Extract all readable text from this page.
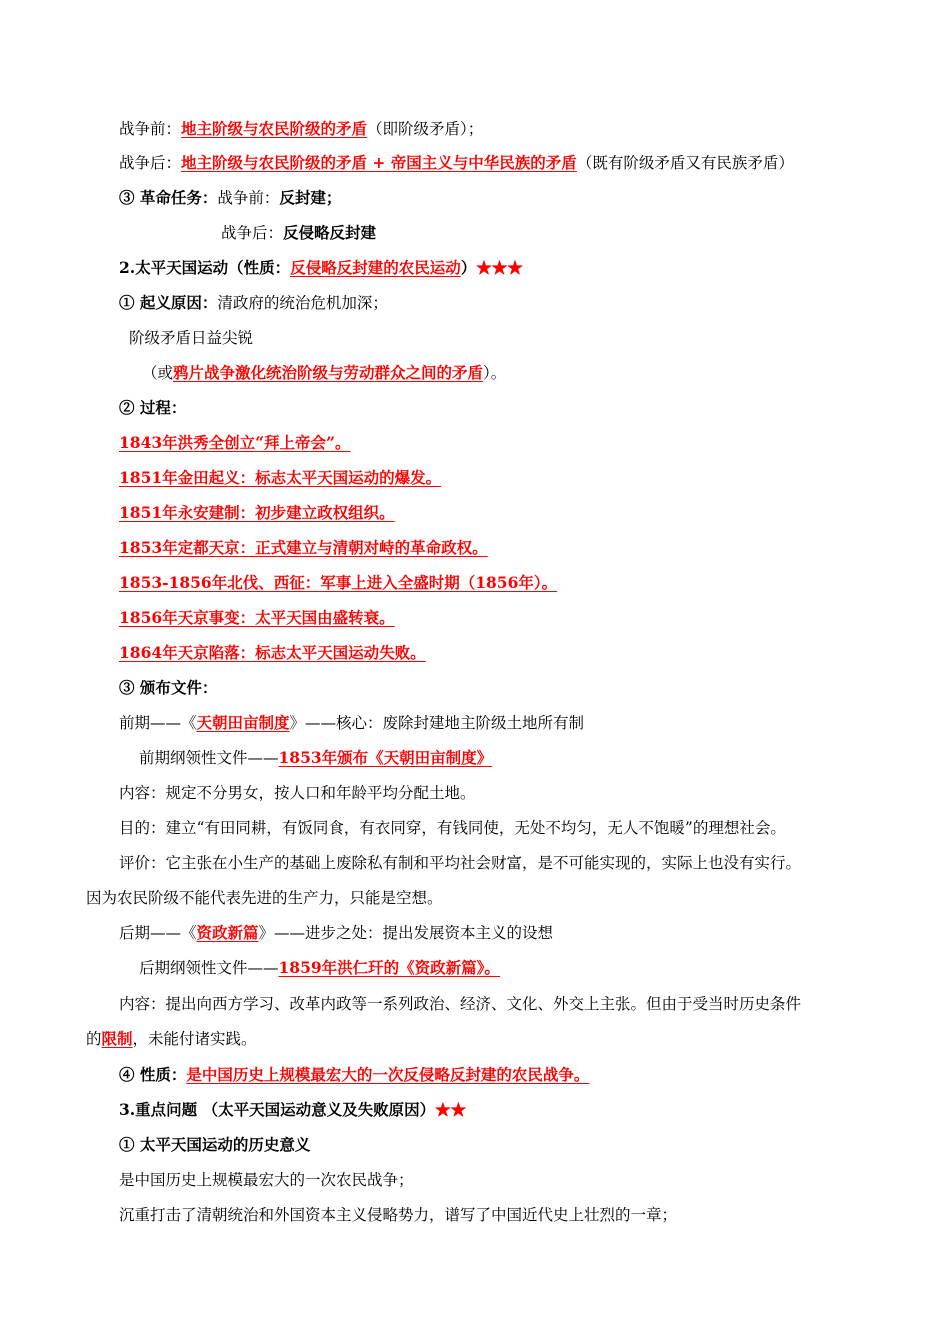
战争前：地主阶级与农民阶级的矛盾（即阶级矛盾）；
战争后：地主阶级与农民阶级的矛盾 + 帝国主义与中华民族的矛盾（既有阶级矛盾又有民族矛盾）
③ 革命任务：战争前：反封建；
战争后：反侵略反封建
2.太平天国运动（性质：反侵略反封建的农民运动）★★★
① 起义原因：清政府的统治危机加深；
阶级矛盾日益尖锐
（或鸦片战争激化统治阶级与劳动群众之间的矛盾）。
② 过程：
1843年洪秀全创立“拜上帝会”。
1851年金田起义：标志太平天国运动的爆发。
1851年永安建制：初步建立政权组织。
1853年定都天京：正式建立与清朝对峙的革命政权。
1853-1856年北伐、西征：军事上进入全盛时期（1856年）。
1856年天京事变：太平天国由盛转衰。
1864年天京陷落：标志太平天国运动失败。
③ 颁布文件：
前期——《天朝田亩制度》——核心：废除封建地主阶级土地所有制
前期纲领性文件——1853年颁布《天朝田亩制度》
内容：规定不分男女，按人口和年龄平均分配土地。
目的：建立“有田同耕，有饭同食，有衣同穿，有钱同使，无处不均匀，无人不饱暖”的理想社会。
评价：它主张在小生产的基础上废除私有制和平均社会财富，是不可能实现的，实际上也没有实行。
因为农民阶级不能代表先进的生产力，只能是空想。
后期——《资政新篇》——进步之处：提出发展资本主义的设想
后期纲领性文件——1859年洪仁玕的《资政新篇》。
内容：提出向西方学习、改革内政等一系列政治、经济、文化、外交上主张。但由于受当时历史条件
的限制，未能付诸实践。
④ 性质：是中国历史上规模最宏大的一次反侵略反封建的农民战争。
3.重点问题 （太平天国运动意义及失败原因）★★
① 太平天国运动的历史意义
是中国历史上规模最宏大的一次农民战争；
沉重打击了清朝统治和外国资本主义侵略势力，谱写了中国近代史上壮烈的一章；
